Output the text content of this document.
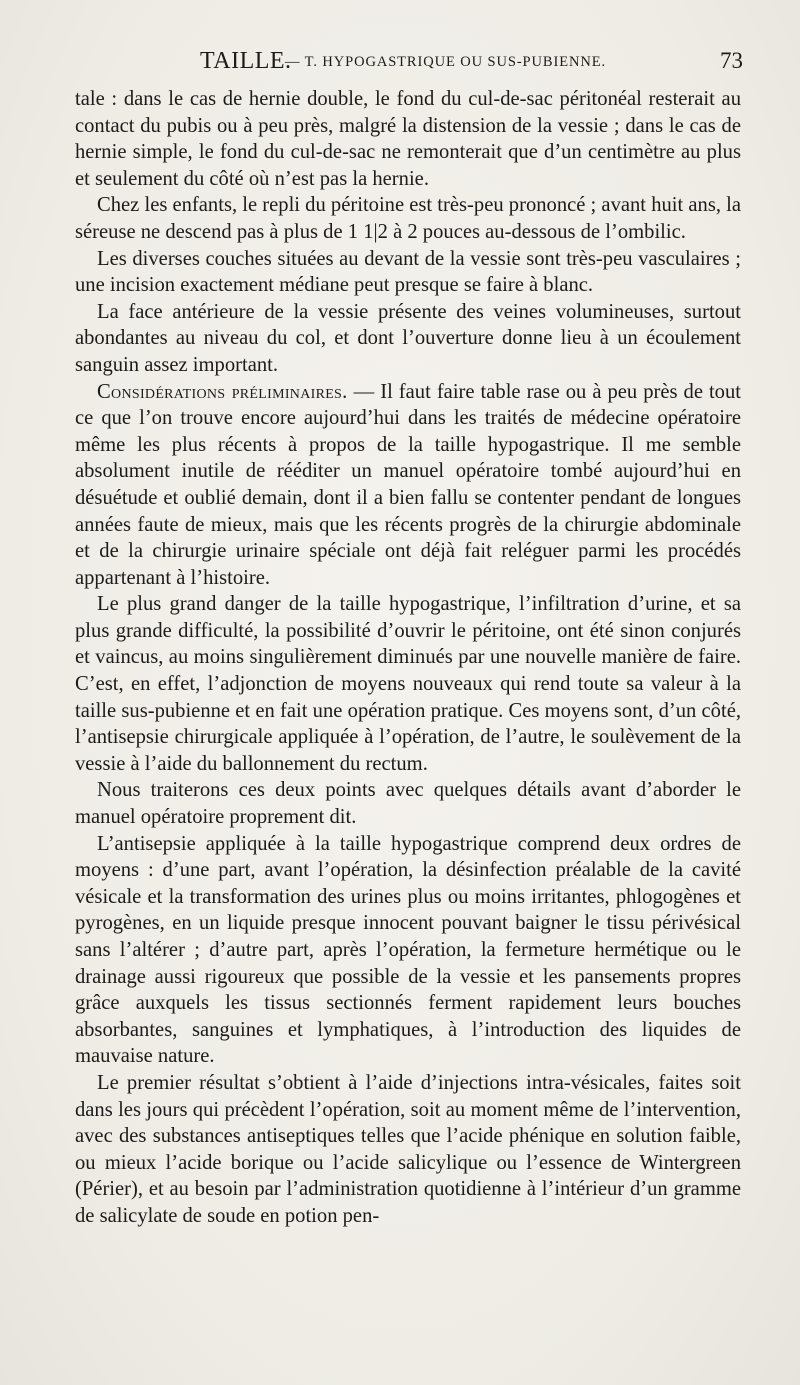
TAILLE.
— T. HYPOGASTRIQUE OU SUS-PUBIENNE.	73

tale : dans le cas de hernie double, le fond du cul-de-sac péritonéal resterait au contact du pubis ou à peu près, malgré la distension de la vessie ; dans le cas de hernie simple, le fond du cul-de-sac ne remonterait que d’un centimètre au plus et seulement du côté où n’est pas la hernie.

Chez les enfants, le repli du péritoine est très-peu prononcé ; avant huit ans, la séreuse ne descend pas à plus de 1 1|2 à 2 pouces au-dessous de l’ombilic.

Les diverses couches situées au devant de la vessie sont très-peu vasculaires ; une incision exactement médiane peut presque se faire à blanc.

La face antérieure de la vessie présente des veines volumineuses, surtout abondantes au niveau du col, et dont l’ouverture donne lieu à un écoulement sanguin assez important.

Considérations préliminaires. — Il faut faire table rase ou à peu près de tout ce que l’on trouve encore aujourd’hui dans les traités de médecine opératoire même les plus récents à propos de la taille hypogastrique. Il me semble absolument inutile de rééditer un manuel opératoire tombé aujourd’hui en désuétude et oublié demain, dont il a bien fallu se contenter pendant de longues années faute de mieux, mais que les récents progrès de la chirurgie abdominale et de la chirurgie urinaire spéciale ont déjà fait reléguer parmi les procédés appartenant à l’histoire.

Le plus grand danger de la taille hypogastrique, l’infiltration d’urine, et sa plus grande difficulté, la possibilité d’ouvrir le péritoine, ont été sinon conjurés et vaincus, au moins singulièrement diminués par une nouvelle manière de faire. C’est, en effet, l’adjonction de moyens nouveaux qui rend toute sa valeur à la taille sus-pubienne et en fait une opération pratique. Ces moyens sont, d’un côté, l’antisepsie chirurgicale appliquée à l’opération, de l’autre, le soulèvement de la vessie à l’aide du ballonnement du rectum.

Nous traiterons ces deux points avec quelques détails avant d’aborder le manuel opératoire proprement dit.

L’antisepsie appliquée à la taille hypogastrique comprend deux ordres de moyens : d’une part, avant l’opération, la désinfection préalable de la cavité vésicale et la transformation des urines plus ou moins irritantes, phlogogènes et pyrogènes, en un liquide presque innocent pouvant baigner le tissu périvésical sans l’altérer ; d’autre part, après l’opération, la fermeture hermétique ou le drainage aussi rigoureux que possible de la vessie et les pansements propres grâce auxquels les tissus sectionnés ferment rapidement leurs bouches absorbantes, sanguines et lymphatiques, à l’introduction des liquides de mauvaise nature.

Le premier résultat s’obtient à l’aide d’injections intra-vésicales, faites soit dans les jours qui précèdent l’opération, soit au moment même de l’intervention, avec des substances antiseptiques telles que l’acide phénique en solution faible, ou mieux l’acide borique ou l’acide salicylique ou l’essence de Wintergreen (Périer), et au besoin par l’administration quotidienne à l’intérieur d’un gramme de salicylate de soude en potion pen-
